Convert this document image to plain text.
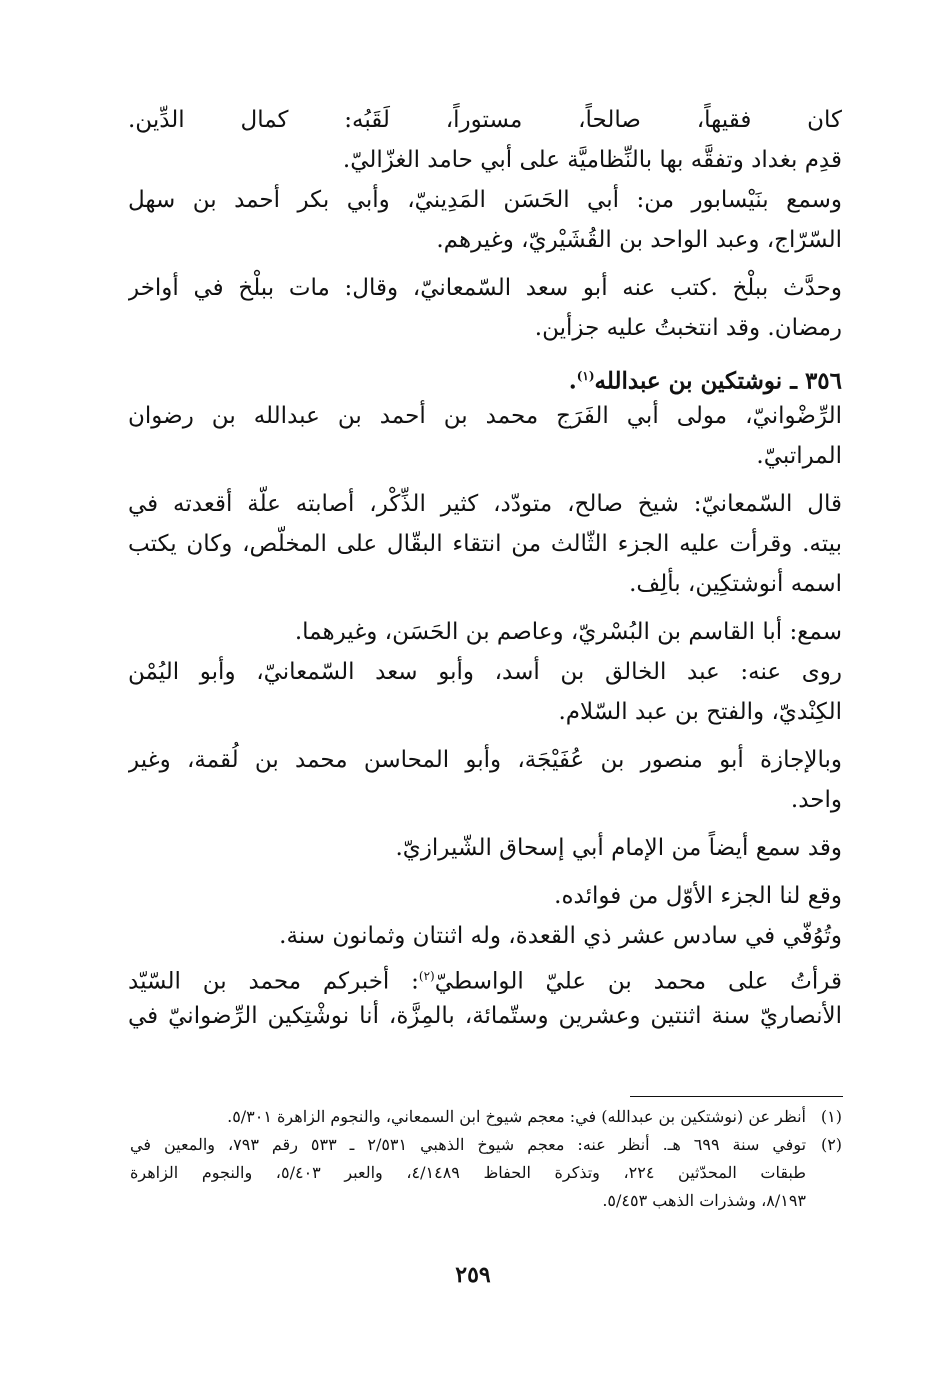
كان فقيهاً، صالحاً، مستوراً، لَقَبُه: كمال الدِّين.
قدِم بغداد وتفقَّه بها بالنِّظاميَّة على أبي حامد الغزّاليّ.
وسمع بنَيْسابور من: أبي الحَسَن المَدِينيّ، وأبي بكر أحمد بن سهل
السّرّاج، وعبد الواحد بن القُشَيْريّ، وغيرهم.
وحدَّث ببلْخ .كتب عنه أبو سعد السّمعانيّ، وقال: مات ببلْخ في أواخر
رمضان. وقد انتخبتُ عليه جزأين.
٣٥٦ ـ نوشتكين بن عبدالله$^{(١)}$.
الرِّضْوانيّ، مولى أبي الفَرَج محمد بن أحمد بن عبدالله بن رضوان
المراتبيّ.
قال السّمعانيّ: شيخ صالح، متودّد، كثير الذِّكْر، أصابته علّة أقعدته في
بيته. وقرأت عليه الجزء الثّالث من انتقاء البقّال على المخلّص، وكان يكتب
اسمه أنوشتكِين، بألِف.
سمع: أبا القاسم بن البُسْريّ، وعاصم بن الحَسَن، وغيرهما.
روى عنه: عبد الخالق بن أسد، وأبو سعد السّمعانيّ، وأبو اليُمْن
الكِنْديّ، والفتح بن عبد السّلام.
وبالإجازة أبو منصور بن عُفَيْجَة، وأبو المحاسن محمد بن لُقمة، وغير
واحد.
وقد سمع أيضاً من الإمام أبي إسحاق الشّيرازيّ.
وقع لنا الجزء الأوّل من فوائده.
وتُوُفّي في سادس عشر ذي القعدة، وله اثنتان وثمانون سنة.
قرأتُ على محمد بن عليّ الواسطيّ$^{(٢)}$: أخبركم محمد بن السّيّد
الأنصاريّ سنة اثنتين وعشرين وستّمائة، بالمِزَّة، أنا نوشْتِكين الرِّضوانيّ في
(١)أنظر عن (نوشتكين بن عبدالله) في: معجم شيوخ ابن السمعاني، والنجوم الزاهرة ٥/٣٠١.
(٢)توفي سنة ٦٩٩ هـ. أنظر عنه: معجم شيوخ الذهبي ٢/٥٣١ ـ ٥٣٣ رقم ٧٩٣، والمعين في
طبقات المحدّثين ٢٢٤، وتذكرة الحفاظ ٤/١٤٨٩، والعبر ٥/٤٠٣، والنجوم الزاهرة
٨/١٩٣، وشذرات الذهب ٥/٤٥٣.
٢٥٩
